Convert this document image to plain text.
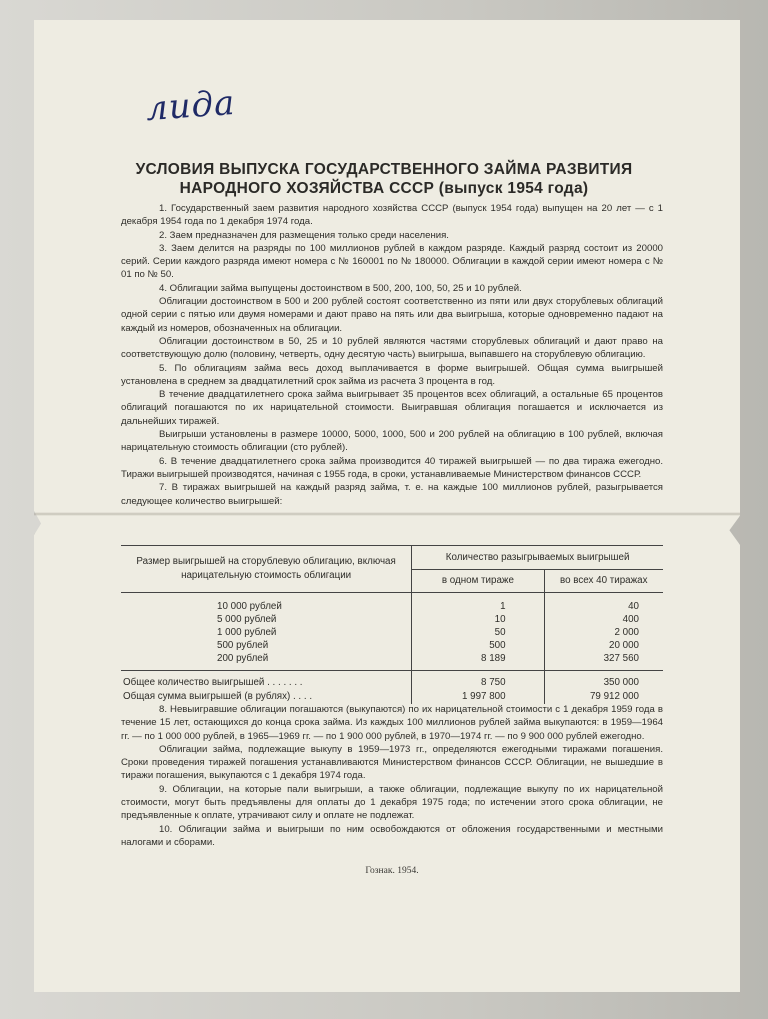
лида
УСЛОВИЯ ВЫПУСКА ГОСУДАРСТВЕННОГО ЗАЙМА РАЗВИТИЯ
НАРОДНОГО ХОЗЯЙСТВА СССР (выпуск 1954 года)

1. Государственный заем развития народного хозяйства СССР (выпуск 1954 года) выпущен на 20 лет — с 1 декабря 1954 года по 1 декабря 1974 года.

2. Заем предназначен для размещения только среди населения.

3. Заем делится на разряды по 100 миллионов рублей в каждом разряде. Каждый разряд состоит из 20000 серий. Серии каждого разряда имеют номера с № 160001 по № 180000. Облигации в каждой серии имеют номера с № 01 по № 50.

4. Облигации займа выпущены достоинством в 500, 200, 100, 50, 25 и 10 рублей.

Облигации достоинством в 500 и 200 рублей состоят соответственно из пяти или двух сторублевых облигаций одной серии с пятью или двумя номерами и дают право на пять или два выигрыша, которые одновременно падают на каждый из номеров, обозначенных на облигации.

Облигации достоинством в 50, 25 и 10 рублей являются частями сторублевых облигаций и дают право на соответствующую долю (половину, четверть, одну десятую часть) выигрыша, выпавшего на сторублевую облигацию.

5. По облигациям займа весь доход выплачивается в форме выигрышей. Общая сумма выигрышей установлена в среднем за двадцатилетний срок займа из расчета 3 процента в год.

В течение двадцатилетнего срока займа выигрывает 35 процентов всех облигаций, а остальные 65 процентов облигаций погашаются по их нарицательной стоимости. Выигравшая облигация погашается и исключается из дальнейших тиражей.

Выигрыши установлены в размере 10000, 5000, 1000, 500 и 200 рублей на облигацию в 100 рублей, включая нарицательную стоимость облигации (сто рублей).

6. В течение двадцатилетнего срока займа производится 40 тиражей выигрышей — по два тиража ежегодно. Тиражи выигрышей производятся, начиная с 1955 года, в сроки, устанавливаемые Министерством финансов СССР.

7. В тиражах выигрышей на каждый разряд займа, т. е. на каждые 100 миллионов рублей, разыгрывается следующее количество выигрышей:

Размер выигрышей на сторублевую облигацию, включая нарицательную стоимость облигации	Количество разыгрываемых выигрышей	
	в одном тираже	во всех 40 тиражах
10 000 рублей	1	40
5 000 рублей	10	400
1 000 рублей	50	2 000
500 рублей	500	20 000
200 рублей	8 189	327 560
Общее количество выигрышей . . . . . . .	8 750	350 000
Общая сумма выигрышей (в рублях) . . . .	1 997 800	79 912 000

8. Невыигравшие облигации погашаются (выкупаются) по их нарицательной стоимости с 1 декабря 1959 года в течение 15 лет, остающихся до конца срока займа. Из каждых 100 миллионов рублей займа выкупаются: в 1959—1964 гг. — по 1 000 000 рублей, в 1965—1969 гг. — по 1 900 000 рублей, в 1970—1974 гг. — по 9 900 000 рублей ежегодно.

Облигации займа, подлежащие выкупу в 1959—1973 гг., определяются ежегодными тиражами погашения. Сроки проведения тиражей погашения устанавливаются Министерством финансов СССР. Облигации, не вышедшие в тиражи погашения, выкупаются с 1 декабря 1974 года.

9. Облигации, на которые пали выигрыши, а также облигации, подлежащие выкупу по их нарицательной стоимости, могут быть предъявлены для оплаты до 1 декабря 1975 года; по истечении этого срока облигации, не предъявленные к оплате, утрачивают силу и оплате не подлежат.

10. Облигации займа и выигрыши по ним освобождаются от обложения государственными и местными налогами и сборами.

Гознак. 1954.
